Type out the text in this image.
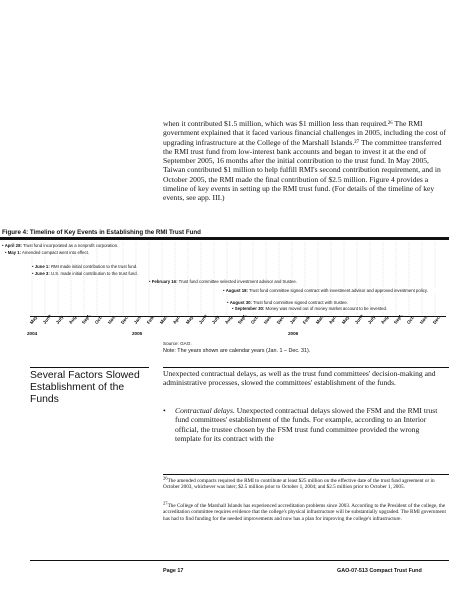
when it contributed $1.5 million, which was $1 million less than required.²⁶ The RMI government explained that it faced various financial challenges in 2005, including the cost of upgrading infrastructure at the College of the Marshall Islands.²⁷ The committee transferred the RMI trust fund from low-interest bank accounts and began to invest it at the end of September 2005, 16 months after the initial contribution to the trust fund. In May 2005, Taiwan contributed $1 million to help fulfill RMI's second contribution requirement, and in October 2005, the RMI made the final contribution of $2.5 million. Figure 4 provides a timeline of key events in setting up the RMI trust fund. (For details of the timeline of key events, see app. III.)
Figure 4: Timeline of Key Events in Establishing the RMI Trust Fund
• April 28: Trust fund incorporated as a nonprofit corporation.
• May 1: Amended compact went into effect.
• June 1: RMI made initial contribution to the trust fund.
• June 3: U.S. made initial contribution to the trust fund.
• February 16: Trust fund committee selected investment advisor and trustee.
• August 18: Trust fund committee signed contract with investment advisor and approved investment policy.
• August 30: Trust fund committee signed contract with trustee.
• September 30: Money was moved out of money market account to be invested.
May June July Aug. Sept. Oct. Nov. Dec. Jan. Feb. Mar. Apr. May June July Aug. Sept. Oct. Nov. Dec. Jan. Feb. Mar. Apr. May June July Aug. Sept. Oct. Nov. Dec.
2004	2005	2006
Source: GAO.
Note: The years shown are calendar years (Jan. 1 – Dec. 31).
Several Factors Slowed Establishment of the Funds
Unexpected contractual delays, as well as the trust fund committees' decision-making and administrative processes, slowed the committees' establishment of the funds.
• Contractual delays. Unexpected contractual delays slowed the FSM and the RMI trust fund committees' establishment of the funds. For example, according to an Interior official, the trustee chosen by the FSM trust fund committee provided the wrong template for its contract with the
$^{26}$The amended compacts required the RMI to contribute at least $25 million on the effective date of the trust fund agreement or in October 2003, whichever was later; $2.5 million prior to October 1, 2004; and $2.5 million prior to October 1, 2005.
$^{27}$The College of the Marshall Islands has experienced accreditation problems since 2003. According to the President of the college, the accreditation committee requires evidence that the college's physical infrastructure will be substantially upgraded. The RMI government has had to find funding for the needed improvements and now has a plan for improving the college's infrastructure.
Page 17	GAO-07-513 Compact Trust Fund
